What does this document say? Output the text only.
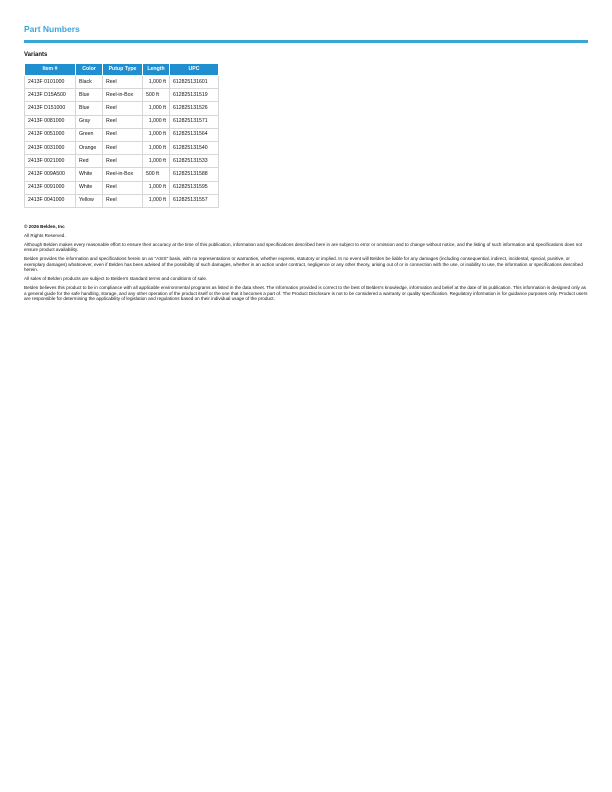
Part Numbers
Variants
Item #	Color	Putup Type	Length	UPC
2413F 0101000	Black	Reel	1,000 ft	612825131601
2413F D15A500	Blue	Reel-in-Box	500 ft	612825131519
2413F D151000	Blue	Reel	1,000 ft	612825131526
2413F 0081000	Gray	Reel	1,000 ft	612825131571
2413F 0051000	Green	Reel	1,000 ft	612825131564
2413F 0031000	Orange	Reel	1,000 ft	612825131540
2413F 0021000	Red	Reel	1,000 ft	612825131533
2413F 009A500	White	Reel-in-Box	500 ft	612825131588
2413F 0091000	White	Reel	1,000 ft	612825131595
2413F 0041000	Yellow	Reel	1,000 ft	612825131557

© 2026 Belden, Inc

All Rights Reserved.

Although Belden makes every reasonable effort to ensure their accuracy at the time of this publication, information and specifications described here in are subject to error or omission and to change without notice, and the listing of such information and specifications does not ensure product availability.

Belden provides the information and specifications herein on an "ASIS" basis, with no representations or warranties, whether express, statutory or implied. In no event will Belden be liable for any damages (including consequential, indirect, incidental, special, punitive, or exemplary damages) whatsoever, even if Belden has been advised of the possibility of such damages, whether in an action under contract, negligence or any other theory, arising out of or in connection with the use, or inability to use, the information or specifications described herein.

All sales of Belden products are subject to Belden's standard terms and conditions of sale.

Belden believes this product to be in compliance with all applicable environmental programs as listed in the data sheet. The information provided is correct to the best of Belden's knowledge, information and belief at the date of its publication. This information is designed only as a general guide for the safe handling, storage, and any other operation of the product itself or the one that it becomes a part of. The Product Disclosure is not to be considered a warranty or quality specification. Regulatory information is for guidance purposes only. Product users are responsible for determining the applicability of legislation and regulations based on their individual usage of the product.
